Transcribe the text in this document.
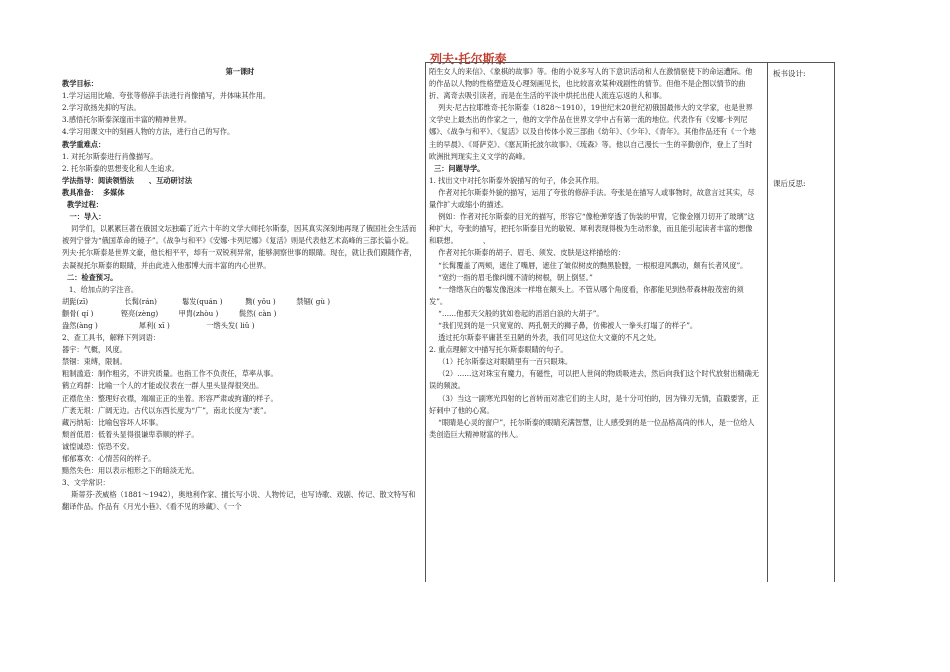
列夫·托尔斯泰

第一课时

教学目标：

1.学习运用比喻、夸张等修辞手法进行肖像描写，并体味其作用。

2.学习欲扬先抑的写法。

3.感悟托尔斯泰深邃而丰富的精神世界。

4.学习用课文中的刻画人物的方法，进行自己的写作。

教学重难点：

1. 对托尔斯泰进行肖像描写。

2. 托尔斯泰的思想变化和人生追求。

学法指导：阅读领悟法      、互动研讨法

教具准备：  多媒体

教学过程：

一：导入：

同学们，以累累巨著在俄国文坛独霸了近六十年的文学大师托尔斯泰，因其真实深刻地再现了俄国社会生活而被列宁誉为“俄国革命的镜子”。《战争与和平》《安娜·卡列尼娜》《复活》则是代表他艺术高峰的三部长篇小说。列夫·托尔斯泰是世界文豪，他长相平平，却有一双锐利异常，能够洞察世事的眼睛。现在，就让我们跟随作者，去凝视托尔斯泰的眼睛，并由此进入他那博大而丰富的内心世界。

二：检查预习。

1、给加点的字注音。

胡髭(zī)                长髯(rán)           鬈发(quán )          黝( yǒu )         禁锢( gù )

颧骨( qí )            铿亮(zèng)         甲胄(zhòu )         鬓然( càn )

盎然(àng )                  犀利( xī )                一绺头发( liǔ )

2、查工具书，解释下列词语：

器宇：气概，风度。

禁锢：束缚，限制。

粗制滥造：制作粗劣，不讲究质量。也指工作不负责任，草率从事。

鹤立鸡群：比喻一个人的才能或仪表在一群人里头显得很突出。

正襟危坐：整理好衣襟，端端正正的坐着。形容严肃或拘谨的样子。

广袤无垠：广阔无边。古代以东西长度为“广”，南北长度为“袤”。

藏污纳垢：比喻包容坏人坏事。

颓首低眉：低着头显得很谦卑恭顺的样子。

诚惶诚恐：惊恐不安。

郁郁寡欢：心情苦闷的样子。

黯然失色：用以表示相形之下的暗淡无光。

3、文学常识：

斯蒂芬·茨威格（1881～1942），奥地利作家、擅长写小说、人物传记，也写诗歌、戏剧、传记、散文特写和翻译作品。作品有《月光小巷》、《看不见的珍藏》、《一个

陌生女人的来信》、《象棋的故事》等。他的小说多写人的下意识活动和人在激情驱使下的命运遭际。他的作品以人物的性格塑造及心理刻画见长，也比较喜欢某种戏剧性的情节。但他不是企图以情节的曲折、离奇去吸引读者，而是在生活的平淡中烘托出使人流连忘返的人和事。

列夫·尼古拉耶维奇·托尔斯泰（1828～1910），19世纪末20世纪初俄国最伟大的文学家，也是世界文学史上最杰出的作家之一，他的文学作品在世界文学中占有第一流的地位。代表作有《安娜·卡列尼娜》、《战争与和平》、《复活》以及自传体小说三部曲《幼年》、《少年》、《青年》。其他作品还有《一个地主的早晨》、《哥萨克》、《塞瓦斯托波尔故事》、《琉森》等。他以自己漫长一生的辛勤创作，登上了当时欧洲批判现实主义文学的高峰。

三：问题导学。

1. 找出文中对托尔斯泰外貌描写的句子，体会其作用。

作者对托尔斯泰外貌的描写，运用了夸张的修辞手法。夸张是在描写人或事物时，故意言过其实，尽量作扩大或缩小的描述。

例如：作者对托尔斯泰的目光的描写，形容它“像枪弹穿透了伪装的甲胄，它像金刚刀切开了玻璃”这种扩大，夸张的描写，把托尔斯泰目光的敏锐、犀利表现得极为生动形象，而且能引起读者丰富的想像和联想。           、

作者对托尔斯泰的胡子、眉毛、须发、皮肤是这样描绘的：

“长髯覆盖了两颊，遮住了嘴唇，遮住了皱似树皮的黝黑脸膛，一根根迎风飘动，颇有长者风度”。

“宽约一指的眉毛像纠缠不清的树根，朝上倒竖。”

“一绺绺灰白的鬈发像泡沫一样堆在额头上。不管从哪个角度看，你都能见到热带森林般茂密的须发”。

“……他那天父般的犹如卷起的滔滔白浪的大胡子”。

“我们见到的是一只宽宽的、两孔朝天的狮子鼻，仿佛被人一拳头打塌了的样子”。

透过托尔斯泰平庸甚至丑陋的外表，我们可见这位大文豪的不凡之处。

2. 重点理解文中描写托尔斯泰眼睛的句子。

（1）托尔斯泰这对眼睛里有一百只眼珠。

（2）……这对珠宝有魔力，有磁性，可以把人世间的物质吸进去，然后向我们这个时代放射出精确无误的频波。

（3）当这一副寒光四射的匕首转而对准它们的主人时，是十分可怕的，因为锋刃无情，直戳要害，正好刺中了他的心窝。

“眼睛是心灵的窗户”，托尔斯泰的眼睛充满智慧，让人感受到的是一位品格高尚的伟人，是一位给人类创造巨大精神财富的伟人。

板书设计:
课后反思:
